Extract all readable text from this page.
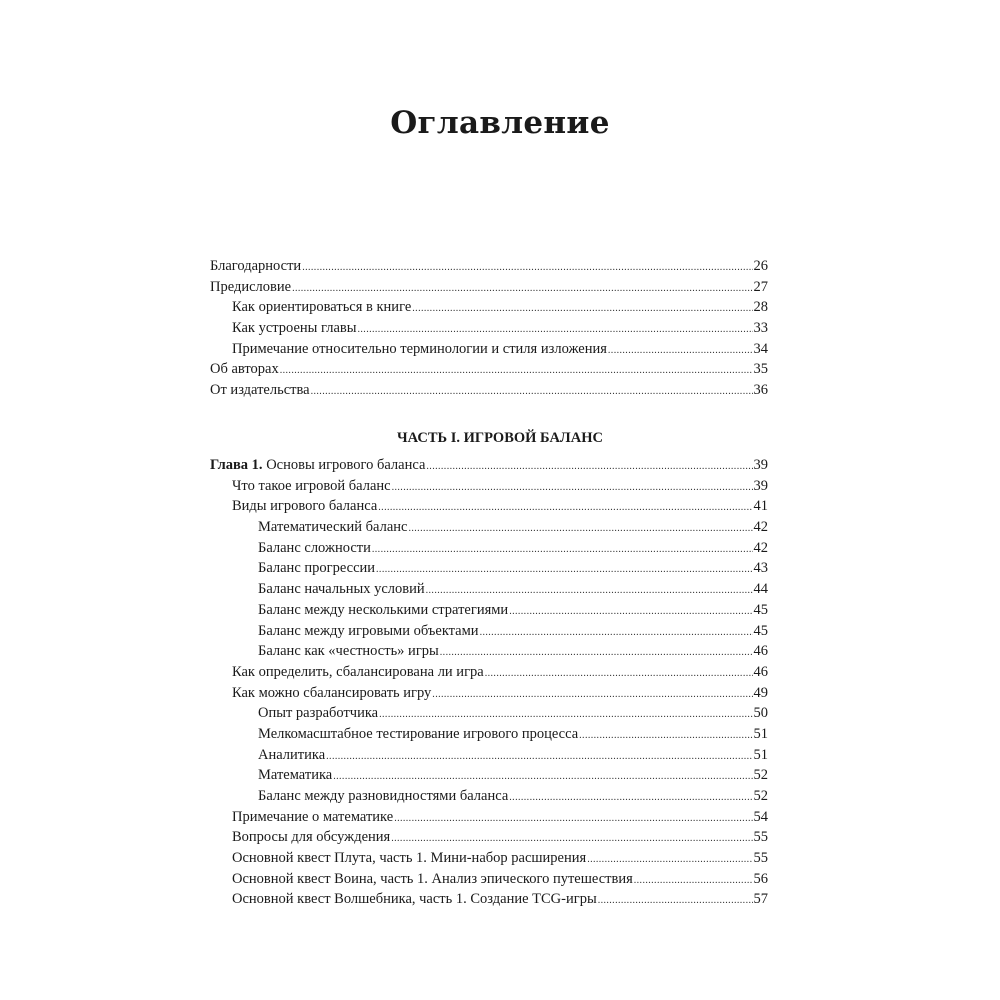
Оглавление
Благодарности .....	26
Предисловие .....	27
Как ориентироваться в книге .....	28
Как устроены главы .....	33
Примечание относительно терминологии и стиля изложения .....	34
Об авторах .....	35
От издательства .....	36
ЧАСТЬ I. ИГРОВОЙ БАЛАНС
Глава 1. Основы игрового баланса .....	39
Что такое игровой баланс .....	39
Виды игрового баланса .....	41
Математический баланс .....	42
Баланс сложности .....	42
Баланс прогрессии .....	43
Баланс начальных условий .....	44
Баланс между несколькими стратегиями .....	45
Баланс между игровыми объектами .....	45
Баланс как «честность» игры .....	46
Как определить, сбалансирована ли игра .....	46
Как можно сбалансировать игру .....	49
Опыт разработчика .....	50
Мелкомасштабное тестирование игрового процесса .....	51
Аналитика .....	51
Математика .....	52
Баланс между разновидностями баланса .....	52
Примечание о математике .....	54
Вопросы для обсуждения .....	55
Основной квест Плута, часть 1. Мини-набор расширения .....	55
Основной квест Воина, часть 1. Анализ эпического путешествия .....	56
Основной квест Волшебника, часть 1. Создание TCG-игры .....	57
